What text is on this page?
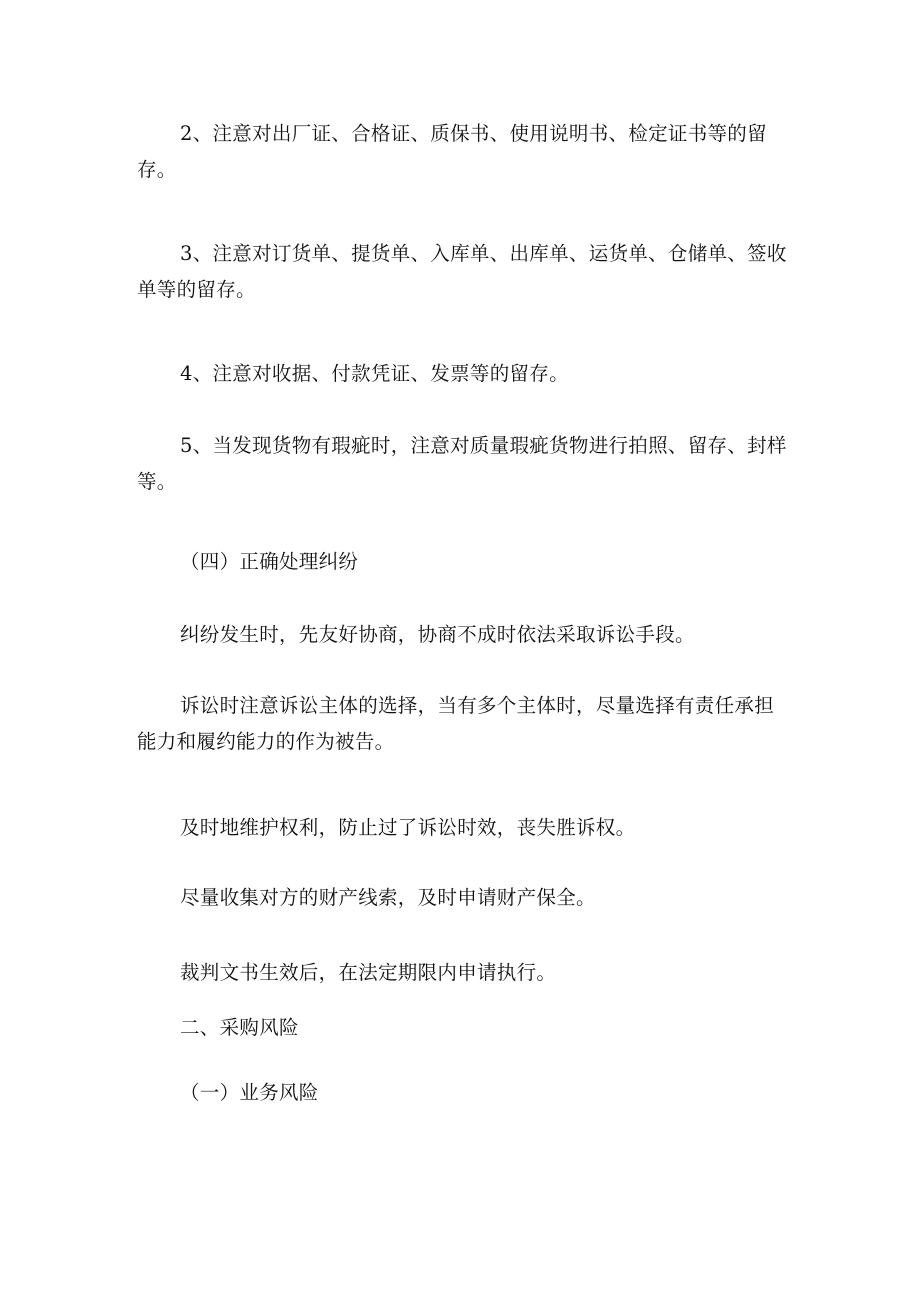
2、注意对出厂证、合格证、质保书、使用说明书、检定证书等的留存。

3、注意对订货单、提货单、入库单、出库单、运货单、仓储单、签收单等的留存。

4、注意对收据、付款凭证、发票等的留存。

5、当发现货物有瑕疵时，注意对质量瑕疵货物进行拍照、留存、封样等。

（四）正确处理纠纷

纠纷发生时，先友好协商，协商不成时依法采取诉讼手段。

诉讼时注意诉讼主体的选择，当有多个主体时，尽量选择有责任承担能力和履约能力的作为被告。

及时地维护权利，防止过了诉讼时效，丧失胜诉权。

尽量收集对方的财产线索，及时申请财产保全。

裁判文书生效后，在法定期限内申请执行。

二、采购风险

（一）业务风险
